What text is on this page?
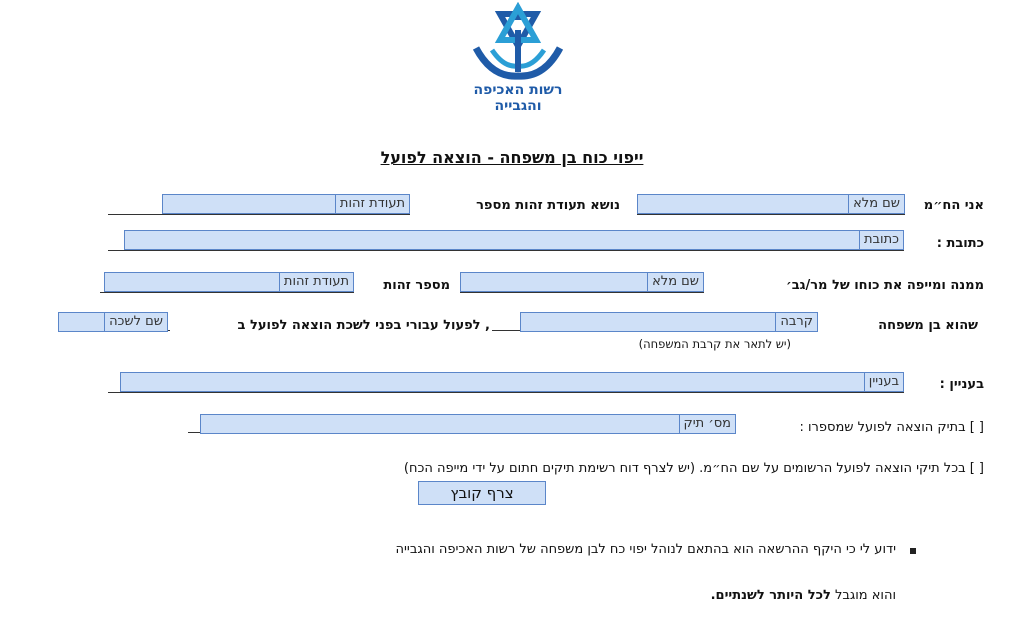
רשות האכיפה
והגבייה
ייפוי כוח בן משפחה - הוצאה לפועל
אני הח״מ
שם מלא
נושא תעודת זהות מספר
תעודת זהות
כתובת :
כתובת
ממנה ומייפה את כוחו של מר/גב׳
שם מלא
מספר זהות
תעודת זהות
שהוא בן משפחה
קרבה
, לפעול עבורי בפני לשכת הוצאה לפועל ב
שם לשכה
(יש לתאר את קרבת המשפחה)
בעניין :
בעניין
[ ] בתיק הוצאה לפועל שמספרו :
מס׳ תיק
[ ] בכל תיקי הוצאה לפועל הרשומים על שם הח״מ. (יש לצרף דוח רשימת תיקים חתום על ידי מייפה הכח)
צרף קובץ
ידוע לי כי היקף ההרשאה הוא בהתאם לנוהל יפוי כח לבן משפחה של רשות האכיפה והגבייה
והוא מוגבל לכל היותר לשנתיים.
